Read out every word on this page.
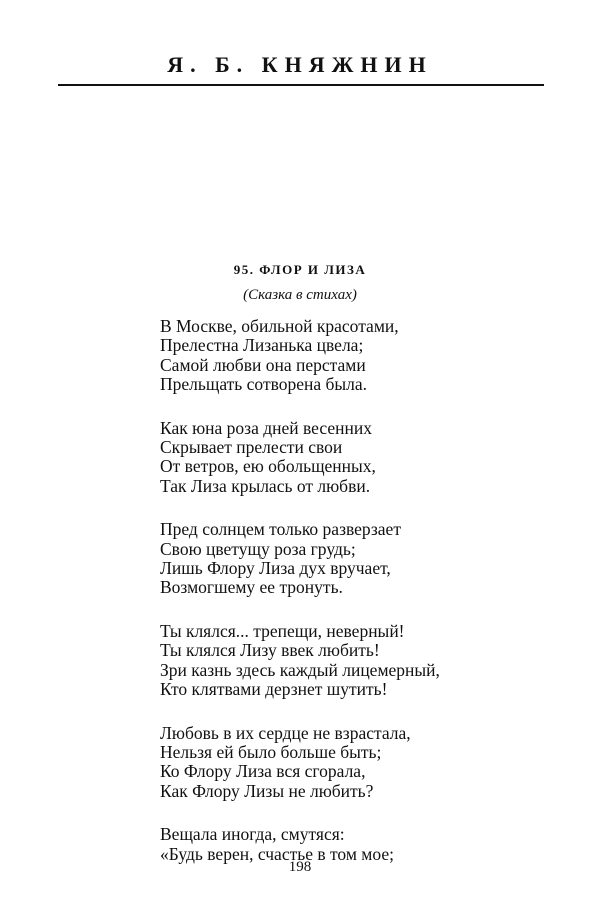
Я. Б. КНЯЖНИН
95. ФЛОР И ЛИЗА
(Сказка в стихах)
В Москве, обильной красотами,
Прелестна Лизанька цвела;
Самой любви она перстами
Прельщать сотворена была.
Как юна роза дней весенних
Скрывает прелести свои
От ветров, ею обольщенных,
Так Лиза крылась от любви.
Пред солнцем только разверзает
Свою цветущу роза грудь;
Лишь Флору Лиза дух вручает,
Возмогшему ее тронуть.
Ты клялся... трепещи, неверный!
Ты клялся Лизу ввек любить!
Зри казнь здесь каждый лицемерный,
Кто клятвами дерзнет шутить!
Любовь в их сердце не взрастала,
Нельзя ей было больше быть;
Ко Флору Лиза вся сгорала,
Как Флору Лизы не любить?
Вещала иногда, смутяся:
«Будь верен, счастье в том мое;
198
